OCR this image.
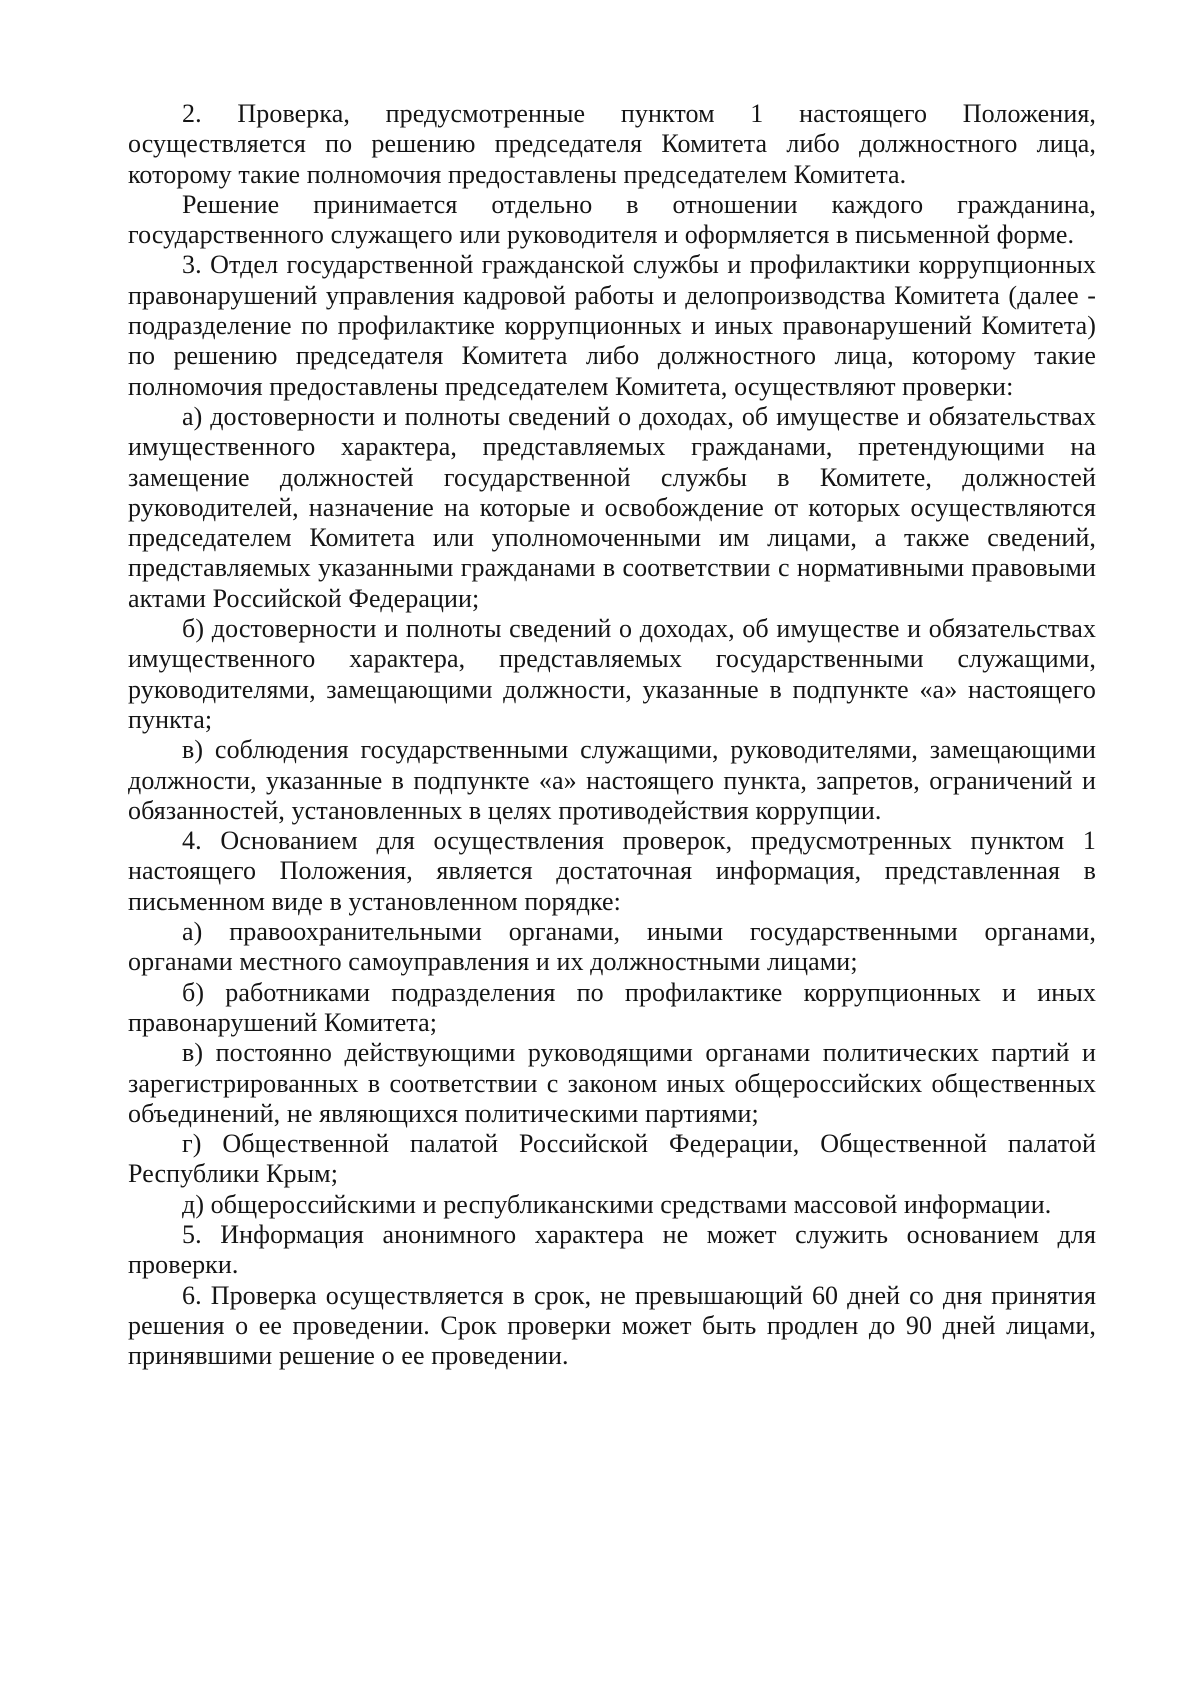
2. Проверка, предусмотренные пунктом 1 настоящего Положения, осуществляется по решению председателя Комитета либо должностного лица, которому такие полномочия предоставлены председателем Комитета.

Решение принимается отдельно в отношении каждого гражданина, государственного служащего или руководителя и оформляется в письменной форме.

3. Отдел государственной гражданской службы и профилактики коррупционных правонарушений управления кадровой работы и делопроизводства Комитета (далее - подразделение по профилактике коррупционных и иных правонарушений Комитета) по решению председателя Комитета либо должностного лица, которому такие полномочия предоставлены председателем Комитета, осуществляют проверки:

а) достоверности и полноты сведений о доходах, об имуществе и обязательствах имущественного характера, представляемых гражданами, претендующими на замещение должностей государственной службы в Комитете, должностей руководителей, назначение на которые и освобождение от которых осуществляются председателем Комитета или уполномоченными им лицами, а также сведений, представляемых указанными гражданами в соответствии с нормативными правовыми актами Российской Федерации;

б) достоверности и полноты сведений о доходах, об имуществе и обязательствах имущественного характера, представляемых государственными служащими, руководителями, замещающими должности, указанные в подпункте «а» настоящего пункта;

в) соблюдения государственными служащими, руководителями, замещающими должности, указанные в подпункте «а» настоящего пункта, запретов, ограничений и обязанностей, установленных в целях противодействия коррупции.

4. Основанием для осуществления проверок, предусмотренных пунктом 1 настоящего Положения, является достаточная информация, представленная в письменном виде в установленном порядке:

а) правоохранительными органами, иными государственными органами, органами местного самоуправления и их должностными лицами;

б) работниками подразделения по профилактике коррупционных и иных правонарушений Комитета;

в) постоянно действующими руководящими органами политических партий и зарегистрированных в соответствии с законом иных общероссийских общественных объединений, не являющихся политическими партиями;

г) Общественной палатой Российской Федерации, Общественной палатой Республики Крым;

д) общероссийскими и республиканскими средствами массовой информации.

5. Информация анонимного характера не может служить основанием для проверки.

6. Проверка осуществляется в срок, не превышающий 60 дней со дня принятия решения о ее проведении. Срок проверки может быть продлен до 90 дней лицами, принявшими решение о ее проведении.
